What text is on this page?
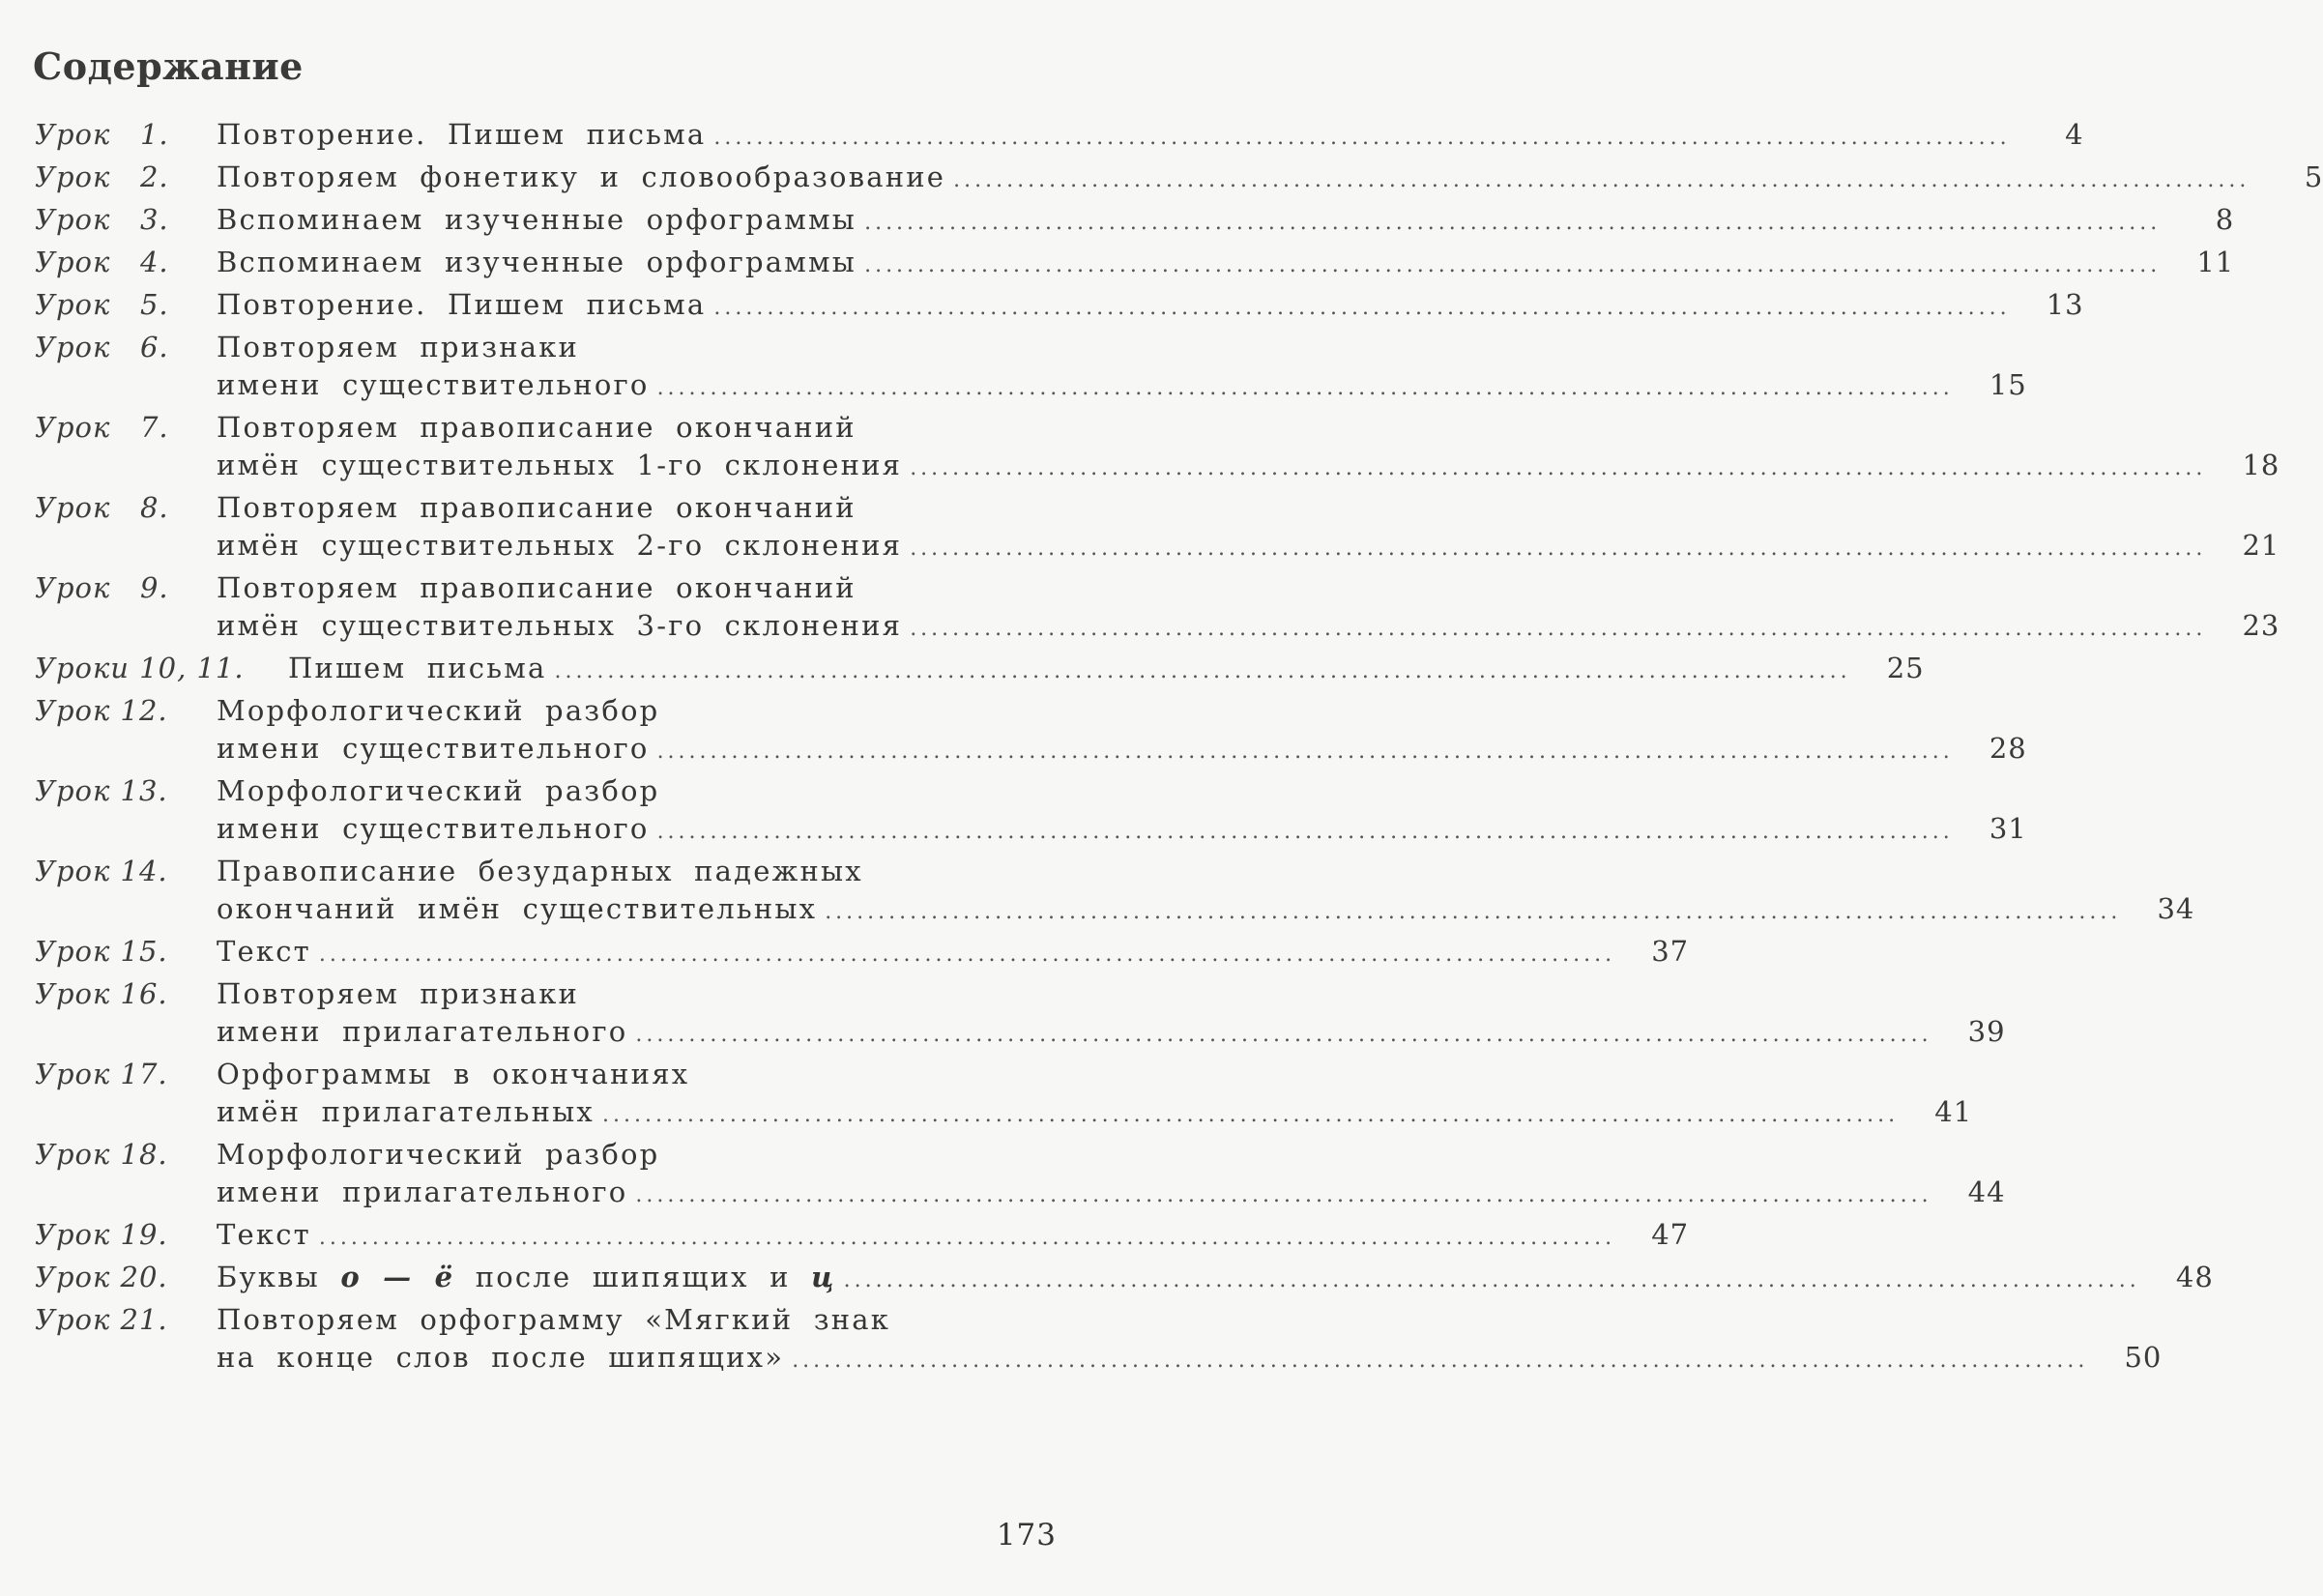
Содержание
Урок   1. Повторение. Пишем письма ..........................................................................................................................	4
Урок   2. Повторяем фонетику и словообразование ..........................................................................................................................	5
Урок   3. Вспоминаем изученные орфограммы ..........................................................................................................................	8
Урок   4. Вспоминаем изученные орфограммы ..........................................................................................................................	11
Урок   5. Повторение. Пишем письма ..........................................................................................................................	13
Урок   6. Повторяем признаки
имени существительного ..........................................................................................................................	15
Урок   7. Повторяем правописание окончаний
имён существительных 1-го склонения ..........................................................................................................................	18
Урок   8. Повторяем правописание окончаний
имён существительных 2-го склонения ..........................................................................................................................	21
Урок   9. Повторяем правописание окончаний
имён существительных 3-го склонения ..........................................................................................................................	23
Уроки 10, 11. Пишем письма ..........................................................................................................................	25
Урок 12. Морфологический разбор
имени существительного ..........................................................................................................................	28
Урок 13. Морфологический разбор
имени существительного ..........................................................................................................................	31
Урок 14. Правописание безударных падежных
окончаний имён существительных ..........................................................................................................................	34
Урок 15. Текст ..........................................................................................................................	37
Урок 16. Повторяем признаки
имени прилагательного ..........................................................................................................................	39
Урок 17. Орфограммы в окончаниях
имён прилагательных ..........................................................................................................................	41
Урок 18. Морфологический разбор
имени прилагательного ..........................................................................................................................	44
Урок 19. Текст ..........................................................................................................................	47
Урок 20. Буквы о — ё после шипящих и ц ..........................................................................................................................	48
Урок 21. Повторяем орфограмму «Мягкий знак
на конце слов после шипящих» ..........................................................................................................................	50
173
